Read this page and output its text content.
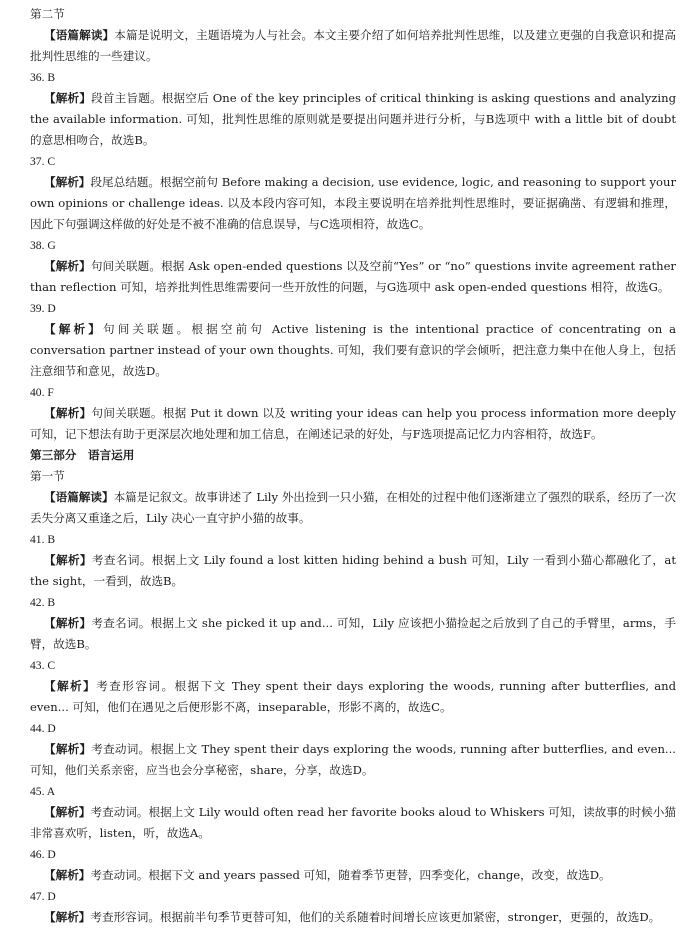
第二节

【语篇解读】本篇是说明文，主题语境为人与社会。本文主要介绍了如何培养批判性思维，以及建立更强的自我意识和提高批判性思维的一些建议。

36. B

【解析】段首主旨题。根据空后 One of the key principles of critical thinking is asking questions and analyzing the available information. 可知，批判性思维的原则就是要提出问题并进行分析，与B选项中 with a little bit of doubt 的意思相吻合，故选B。

37. C

【解析】段尾总结题。根据空前句 Before making a decision, use evidence, logic, and reasoning to support your own opinions or challenge ideas. 以及本段内容可知，本段主要说明在培养批判性思维时，要证据确凿、有逻辑和推理，因此下句强调这样做的好处是不被不准确的信息误导，与C选项相符，故选C。

38. G

【解析】句间关联题。根据 Ask open-ended questions 以及空前“Yes” or “no” questions invite agreement rather than reflection 可知，培养批判性思维需要问一些开放性的问题，与G选项中 ask open-ended questions 相符，故选G。

39. D

【解析】句间关联题。根据空前句 Active listening is the intentional practice of concentrating on a conversation partner instead of your own thoughts. 可知，我们要有意识的学会倾听，把注意力集中在他人身上，包括注意细节和意见，故选D。

40. F

【解析】句间关联题。根据 Put it down 以及 writing your ideas can help you process information more deeply 可知，记下想法有助于更深层次地处理和加工信息，在阐述记录的好处，与F选项提高记忆力内容相符，故选F。

第三部分　语言运用

第一节

【语篇解读】本篇是记叙文。故事讲述了 Lily 外出捡到一只小猫，在相处的过程中他们逐渐建立了强烈的联系，经历了一次丢失分离又重逢之后，Lily 决心一直守护小猫的故事。

41. B

【解析】考查名词。根据上文 Lily found a lost kitten hiding behind a bush 可知，Lily 一看到小猫心都融化了，at the sight，一看到，故选B。

42. B

【解析】考查名词。根据上文 she picked it up and... 可知，Lily 应该把小猫捡起之后放到了自己的手臂里，arms，手臂，故选B。

43. C

【解析】考查形容词。根据下文 They spent their days exploring the woods, running after butterflies, and even... 可知，他们在遇见之后便形影不离，inseparable，形影不离的，故选C。

44. D

【解析】考查动词。根据上文 They spent their days exploring the woods, running after butterflies, and even... 可知，他们关系亲密，应当也会分享秘密，share，分享，故选D。

45. A

【解析】考查动词。根据上文 Lily would often read her favorite books aloud to Whiskers 可知，读故事的时候小猫非常喜欢听，listen，听，故选A。

46. D

【解析】考查动词。根据下文 and years passed 可知，随着季节更替，四季变化，change，改变，故选D。

47. D

【解析】考查形容词。根据前半句季节更替可知，他们的关系随着时间增长应该更加紧密，stronger，更强的，故选D。
